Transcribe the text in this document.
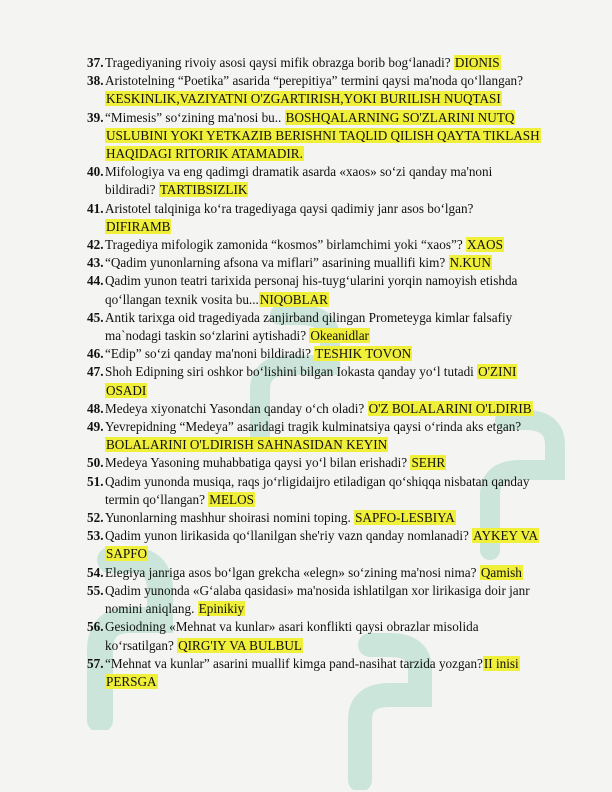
37. Tragediyaning rivoiy asosi qaysi mifik obrazga borib bog‘lanadi? DIONIS
38. Aristotelning “Poetika” asarida “perepitiya” termini qaysi ma'noda qo‘llangan?
KESKINLIK,VAZIYATNI O'ZGARTIRISH,YOKI BURILISH NUQTASI
39. “Mimesis” so‘zining ma'nosi bu.. BOSHQALARNING SO'ZLARINI NUTQ
USLUBINI YOKI YETKAZIB BERISHNI TAQLID QILISH QAYTA TIKLASH
HAQIDAGI RITORIK ATAMADIR.
40. Mifologiya va eng qadimgi dramatik asarda «xaos» so‘zi qanday ma'noni
bildiradi? TARTIBSIZLIK
41. Aristotel talqiniga ko‘ra tragediyaga qaysi qadimiy janr asos bo‘lgan?
DIFIRAMB
42. Tragediya mifologik zamonida “kosmos” birlamchimi yoki “xaos”? XAOS
43. “Qadim yunonlarning afsona va miflari” asarining muallifi kim? N.KUN
44. Qadim yunon teatri tarixida personaj his-tuyg‘ularini yorqin namoyish etishda
qo‘llangan texnik vosita bu...NIQOBLAR
45. Antik tarixga oid tragediyada zanjirband qilingan Prometeyga kimlar falsafiy
ma`nodagi taskin so‘zlarini aytishadi? Okeanidlar
46. “Edip” so‘zi qanday ma'noni bildiradi? TESHIK TOVON
47. Shoh Edipning siri oshkor bo‘lishini bilgan Iokasta qanday yo‘l tutadi O'ZINI
OSADI
48. Medeya xiyonatchi Yasondan qanday o‘ch oladi? O'Z BOLALARINI O'LDIRIB
49. Yevrepidning “Medeya” asaridagi tragik kulminatsiya qaysi o‘rinda aks etgan?
BOLALARINI O'LDIRISH SAHNASIDAN KEYIN
50. Medeya Yasoning muhabbatiga qaysi yo‘l bilan erishadi? SEHR
51. Qadim yunonda musiqa, raqs jo‘rligidaijro etiladigan qo‘shiqqa nisbatan qanday
termin qo‘llangan? MELOS
52. Yunonlarning mashhur shoirasi nomini toping. SAPFO-LESBIYA
53. Qadim yunon lirikasida qo‘llanilgan she'riy vazn qanday nomlanadi? AYKEY VA
SAPFO
54. Elegiya janriga asos bo‘lgan grekcha «elegn» so‘zining ma'nosi nima? Qamish
55. Qadim yunonda «G‘alaba qasidasi» ma'nosida ishlatilgan xor lirikasiga doir janr
nomini aniqlang. Epinikiy
56. Gesiodning «Mehnat va kunlar» asari konflikti qaysi obrazlar misolida
ko‘rsatilgan? QIRG'IY VA BULBUL
57. “Mehnat va kunlar” asarini muallif kimga pand-nasihat tarzida yozgan?II inisi
PERSGA
